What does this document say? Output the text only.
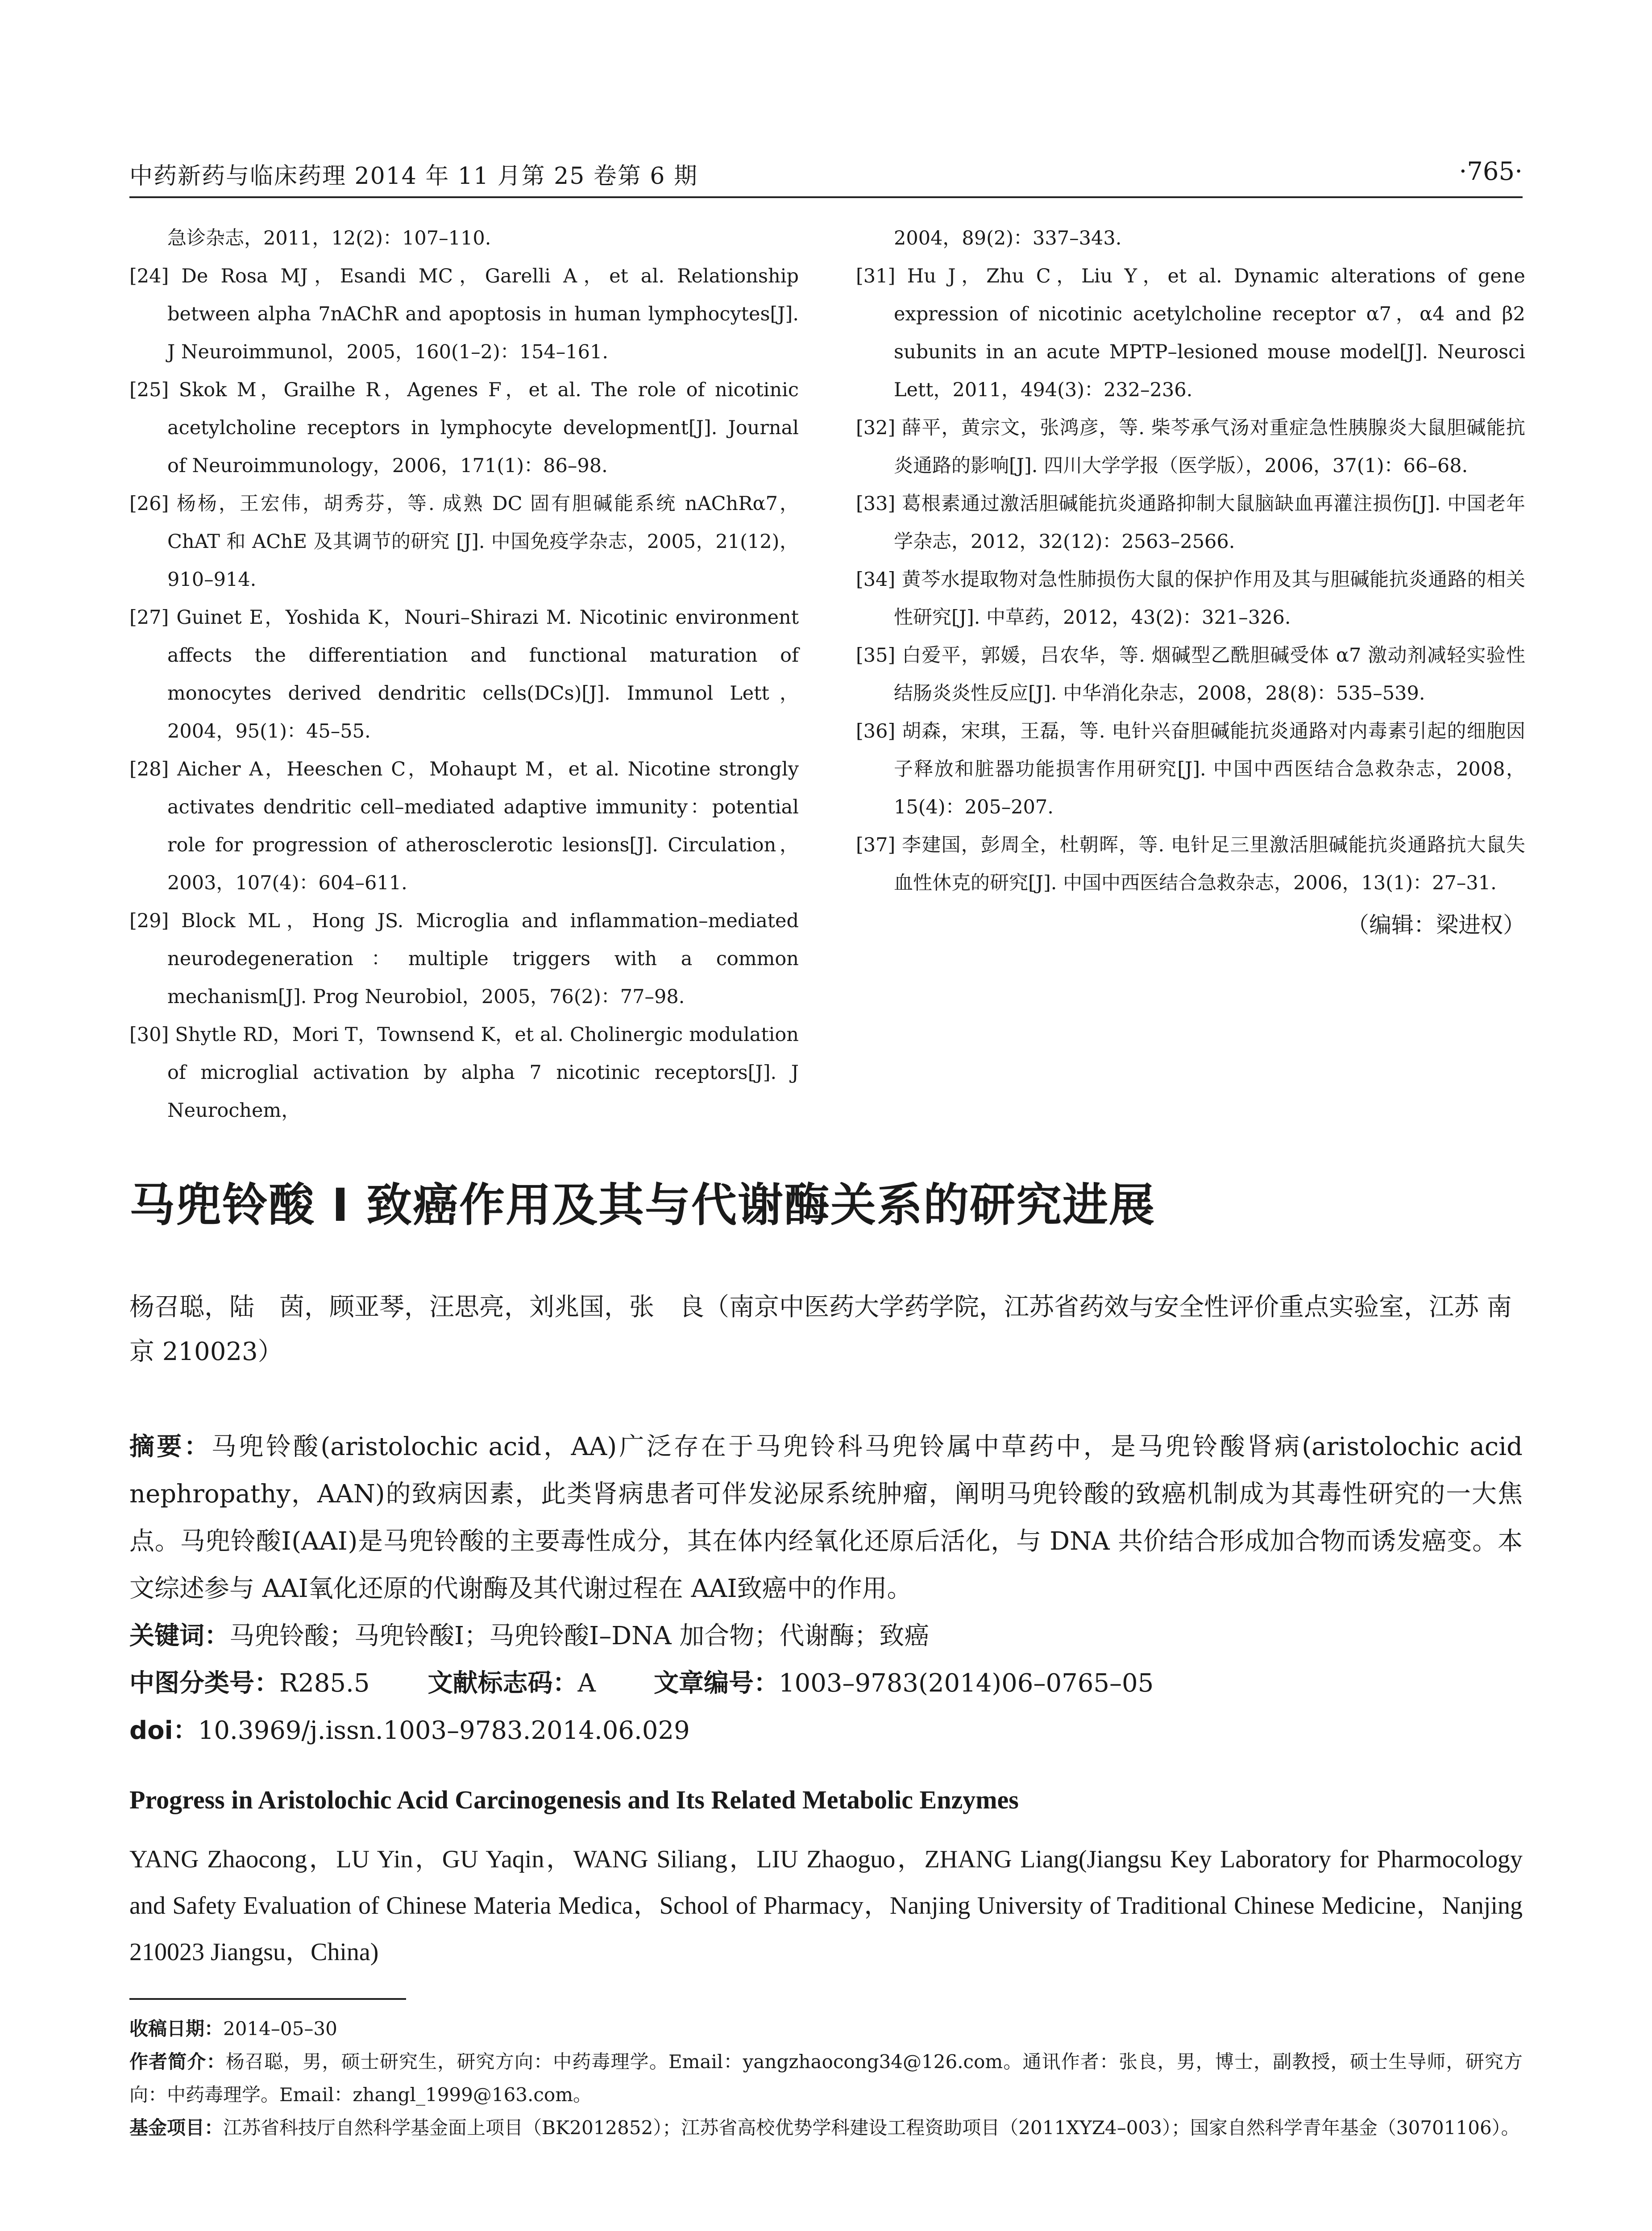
中药新药与临床药理 2014 年 11 月第 25 卷第 6 期	·765·

急诊杂志，2011，12(2)：107–110.

[24] De Rosa MJ，Esandi MC，Garelli A，et al. Relationship between alpha 7nAChR and apoptosis in human lymphocytes[J]. J Neuroimmunol，2005，160(1–2)：154–161.

[25] Skok M，Grailhe R，Agenes F，et al. The role of nicotinic acetylcholine receptors in lymphocyte development[J]. Journal of Neuroimmunology，2006，171(1)：86–98.

[26] 杨杨，王宏伟，胡秀芬，等. 成熟 DC 固有胆碱能系统 nAChRα7，ChAT 和 AChE 及其调节的研究 [J]. 中国免疫学杂志，2005，21(12)，910–914.

[27] Guinet E，Yoshida K，Nouri–Shirazi M. Nicotinic environment affects the differentiation and functional maturation of monocytes derived dendritic cells(DCs)[J]. Immunol Lett，2004，95(1)：45–55.

[28] Aicher A，Heeschen C，Mohaupt M，et al. Nicotine strongly activates dendritic cell–mediated adaptive immunity：potential role for progression of atherosclerotic lesions[J]. Circulation，2003，107(4)：604–611.

[29] Block ML，Hong JS. Microglia and inflammation–mediated neurodegeneration：multiple triggers with a common mechanism[J]. Prog Neurobiol，2005，76(2)：77–98.

[30] Shytle RD，Mori T，Townsend K，et al. Cholinergic modulation of microglial activation by alpha 7 nicotinic receptors[J]. J Neurochem，

2004，89(2)：337–343.

[31] Hu J，Zhu C，Liu Y，et al. Dynamic alterations of gene expression of nicotinic acetylcholine receptor α7，α4 and β2 subunits in an acute MPTP–lesioned mouse model[J]. Neurosci Lett，2011，494(3)：232–236.

[32] 薛平，黄宗文，张鸿彦，等. 柴芩承气汤对重症急性胰腺炎大鼠胆碱能抗炎通路的影响[J]. 四川大学学报（医学版），2006，37(1)：66–68.

[33] 葛根素通过激活胆碱能抗炎通路抑制大鼠脑缺血再灌注损伤[J]. 中国老年学杂志，2012，32(12)：2563–2566.

[34] 黄芩水提取物对急性肺损伤大鼠的保护作用及其与胆碱能抗炎通路的相关性研究[J]. 中草药，2012，43(2)：321–326.

[35] 白爱平，郭媛，吕农华，等. 烟碱型乙酰胆碱受体 α7 激动剂减轻实验性结肠炎炎性反应[J]. 中华消化杂志，2008，28(8)：535–539.

[36] 胡森，宋琪，王磊，等. 电针兴奋胆碱能抗炎通路对内毒素引起的细胞因子释放和脏器功能损害作用研究[J]. 中国中西医结合急救杂志，2008，15(4)：205–207.

[37] 李建国，彭周全，杜朝晖，等. 电针足三里激活胆碱能抗炎通路抗大鼠失血性休克的研究[J]. 中国中西医结合急救杂志，2006，13(1)：27–31.

（编辑：梁进权）
马兜铃酸 Ⅰ 致癌作用及其与代谢酶关系的研究进展
杨召聪，陆　茵，顾亚琴，汪思亮，刘兆国，张　良（南京中医药大学药学院，江苏省药效与安全性评价重点实验室，江苏 南京 210023）

摘要：马兜铃酸(aristolochic acid，AA)广泛存在于马兜铃科马兜铃属中草药中，是马兜铃酸肾病(aristolochic acid nephropathy，AAN)的致病因素，此类肾病患者可伴发泌尿系统肿瘤，阐明马兜铃酸的致癌机制成为其毒性研究的一大焦点。马兜铃酸Ⅰ(AAⅠ)是马兜铃酸的主要毒性成分，其在体内经氧化还原后活化，与 DNA 共价结合形成加合物而诱发癌变。本文综述参与 AAⅠ氧化还原的代谢酶及其代谢过程在 AAⅠ致癌中的作用。

关键词：马兜铃酸；马兜铃酸Ⅰ；马兜铃酸Ⅰ–DNA 加合物；代谢酶；致癌

中图分类号：R285.5 文献标志码：A 文章编号：1003–9783(2014)06–0765–05

doi：10.3969/j.issn.1003–9783.2014.06.029

Progress in Aristolochic Acid Carcinogenesis and Its Related Metabolic Enzymes
YANG Zhaocong，LU Yin，GU Yaqin，WANG Siliang，LIU Zhaoguo，ZHANG Liang(Jiangsu Key Laboratory for Pharmocology and Safety Evaluation of Chinese Materia Medica，School of Pharmacy，Nanjing University of Traditional Chinese Medicine，Nanjing 210023 Jiangsu，China)

收稿日期：2014–05–30

作者简介：杨召聪，男，硕士研究生，研究方向：中药毒理学。Email：yangzhaocong34@126.com。通讯作者：张良，男，博士，副教授，硕士生导师，研究方向：中药毒理学。Email：zhangl_1999@163.com。

基金项目：江苏省科技厅自然科学基金面上项目（BK2012852）；江苏省高校优势学科建设工程资助项目（2011XYZ4–003）；国家自然科学青年基金（30701106）。
